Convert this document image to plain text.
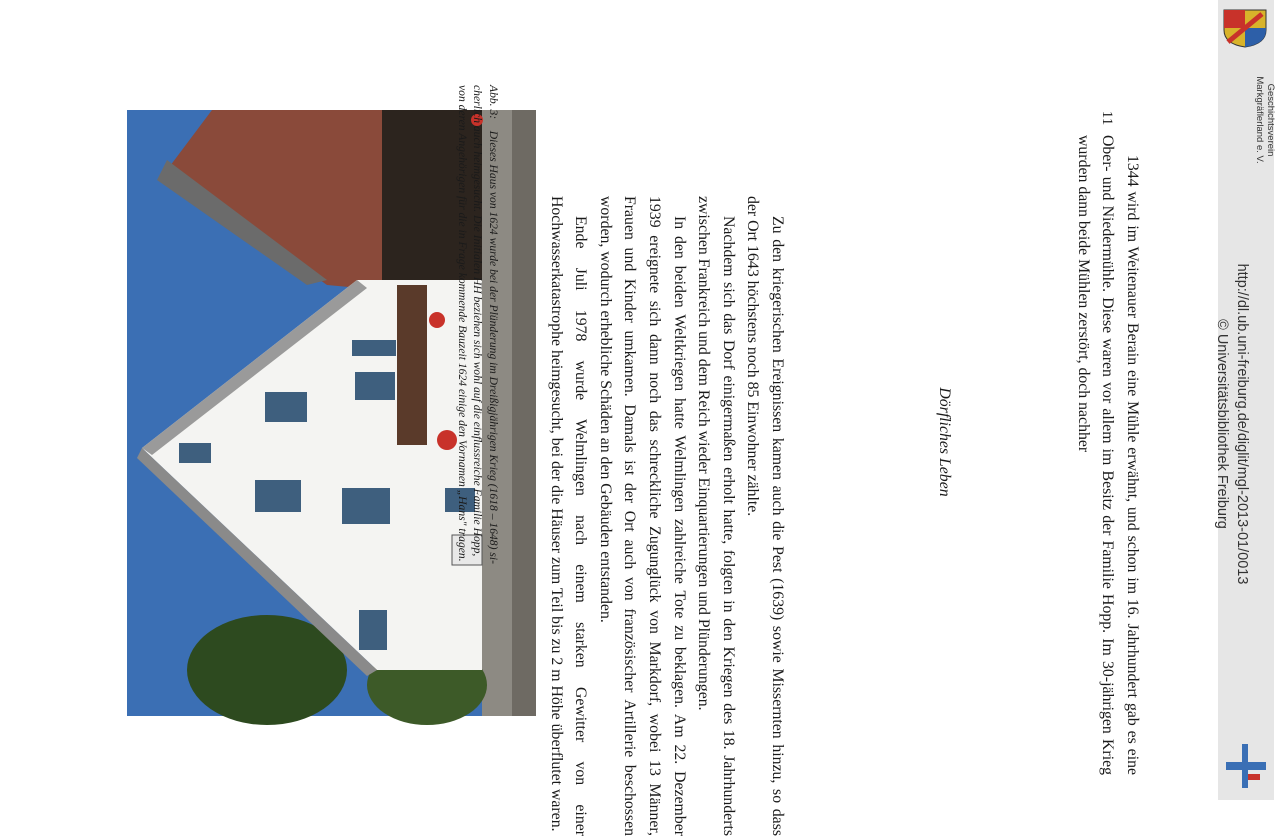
Abb. 3: Dieses Haus von 1624 wurde bei der Plünderung im Dreißigjährigen Krieg (1618 – 1648) si-

cherlich auch heimgesucht. Die Initialen HH beziehen sich wohl auf die einflussreiche Familie Hopp,

von deren Angehörigen für die in Frage kommende Bauzeit 1624 einige den Vornamen „Hans" tragen.	Zu den kriegerischen Ereignissen kamen auch die Pest (1639) sowie Missernten hinzu, so dass der Ort 1643 höchstens noch 85 Einwohner zählte.

Nachdem sich das Dorf einigermaßen erholt hatte, folgten in den Kriegen des 18. Jahrhunderts zwischen Frankreich und dem Reich wieder Einquartierungen und Plünderungen.

In den beiden Weltkriegen hatte Welmlingen zahlreiche Tote zu beklagen. Am 22. Dezember 1939 ereignete sich dann noch das schreckliche Zugunglück von Markdorf, wobei 13 Männer, Frauen und Kinder umkamen. Damals ist der Ort auch von französischer Artillerie beschossen worden, wodurch erhebliche Schäden an den Gebäuden entstanden.

Ende Juli 1978 wurde Welmlingen nach einem starken Gewitter von einer Hochwasserkatastrophe heimgesucht, bei der die Häuser zum Teil bis zu 2 m Höhe überflutet waren.	Dörfliches Leben	1344 wird im Weitenauer Berain eine Mühle erwähnt, und schon im 16. Jahrhundert gab es eine Ober- und Niedermühle. Diese waren vor allem im Besitz der Familie Hopp. Im 30-jährigen Krieg wurden dann beide Mühlen zerstört, doch nachher

11
http://dl.ub.uni-freiburg.de/diglit/mgl-2013-01/0013
© Universitätsbibliothek Freiburg
Geschichtsverein
Markgräflerland e. V.
